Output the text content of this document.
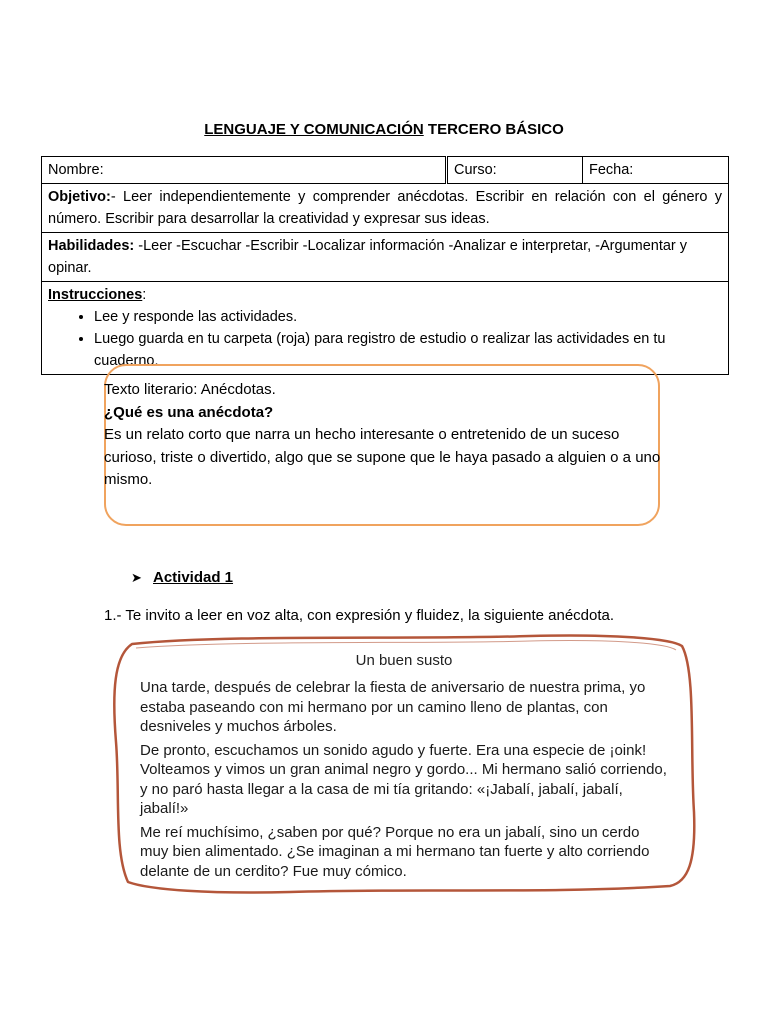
LENGUAJE Y COMUNICACIÓN TERCERO BÁSICO
Nombre:	Curso:	Fecha:
Objetivo:- Leer independientemente y comprender anécdotas. Escribir en relación con el género y número. Escribir para desarrollar la creatividad y expresar sus ideas.
Habilidades: -Leer -Escuchar -Escribir -Localizar información -Analizar e interpretar, -Argumentar y opinar.
Instrucciones:
• Lee y responde las actividades.
• Luego guarda en tu carpeta (roja) para registro de estudio o realizar las actividades en tu cuaderno.
Texto literario: Anécdotas.
¿Qué es una anécdota?
Es un relato corto que narra un hecho interesante o entretenido de un suceso curioso, triste o divertido, algo que se supone que le haya pasado a alguien o a uno mismo.
➤ Actividad 1
1.- Te invito a leer en voz alta, con expresión y fluidez, la siguiente anécdota.
Un buen susto

Una tarde, después de celebrar la fiesta de aniversario de nuestra prima, yo estaba paseando con mi hermano por un camino lleno de plantas, con desniveles y muchos árboles.

De pronto, escuchamos un sonido agudo y fuerte. Era una especie de ¡oink! Volteamos y vimos un gran animal negro y gordo... Mi hermano salió corriendo, y no paró hasta llegar a la casa de mi tía gritando: «¡Jabalí, jabalí, jabalí, jabalí!»

Me reí muchísimo, ¿saben por qué? Porque no era un jabalí, sino un cerdo muy bien alimentado. ¿Se imaginan a mi hermano tan fuerte y alto corriendo delante de un cerdito? Fue muy cómico.
